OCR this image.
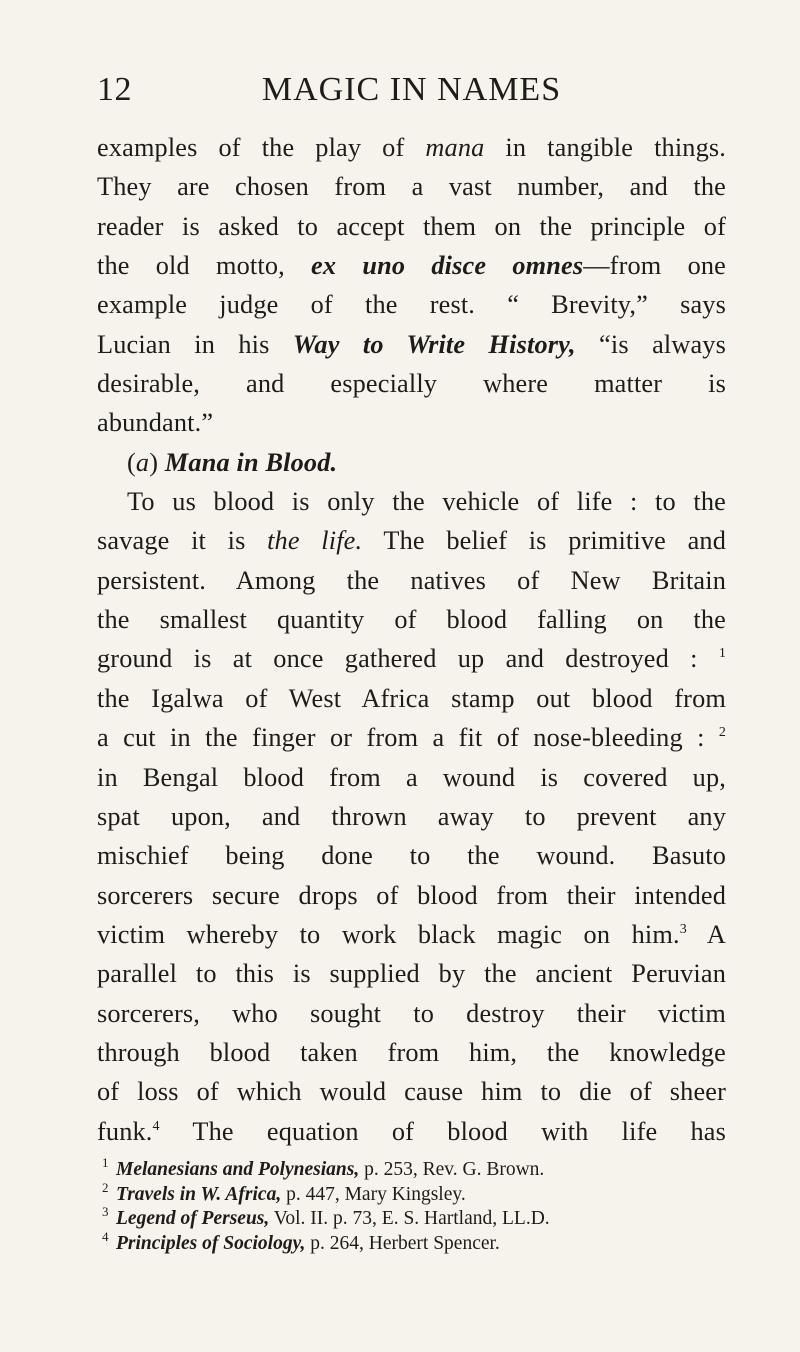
12	MAGIC IN NAMES
examples of the play of mana in tangible things.
They are chosen from a vast number, and the
reader is asked to accept them on the principle of
the old motto, ex uno disce omnes—from one
example judge of the rest. “ Brevity,” says
Lucian in his Way to Write History, “is always
desirable, and especially where matter is
abundant.”
(a) Mana in Blood.
To us blood is only the vehicle of life : to the
savage it is the life. The belief is primitive and
persistent. Among the natives of New Britain
the smallest quantity of blood falling on the
ground is at once gathered up and destroyed : $^1$
the Igalwa of West Africa stamp out blood from
a cut in the finger or from a fit of nose-bleeding : $^2$
in Bengal blood from a wound is covered up,
spat upon, and thrown away to prevent any
mischief being done to the wound. Basuto
sorcerers secure drops of blood from their intended
victim whereby to work black magic on him.$^3$ A
parallel to this is supplied by the ancient Peruvian
sorcerers, who sought to destroy their victim
through blood taken from him, the knowledge
of loss of which would cause him to die of sheer
funk.$^4$ The equation of blood with life has
1 Melanesians and Polynesians, p. 253, Rev. G. Brown.
2 Travels in W. Africa, p. 447, Mary Kingsley.
3 Legend of Perseus, Vol. II. p. 73, E. S. Hartland, LL.D.
4 Principles of Sociology, p. 264, Herbert Spencer.
